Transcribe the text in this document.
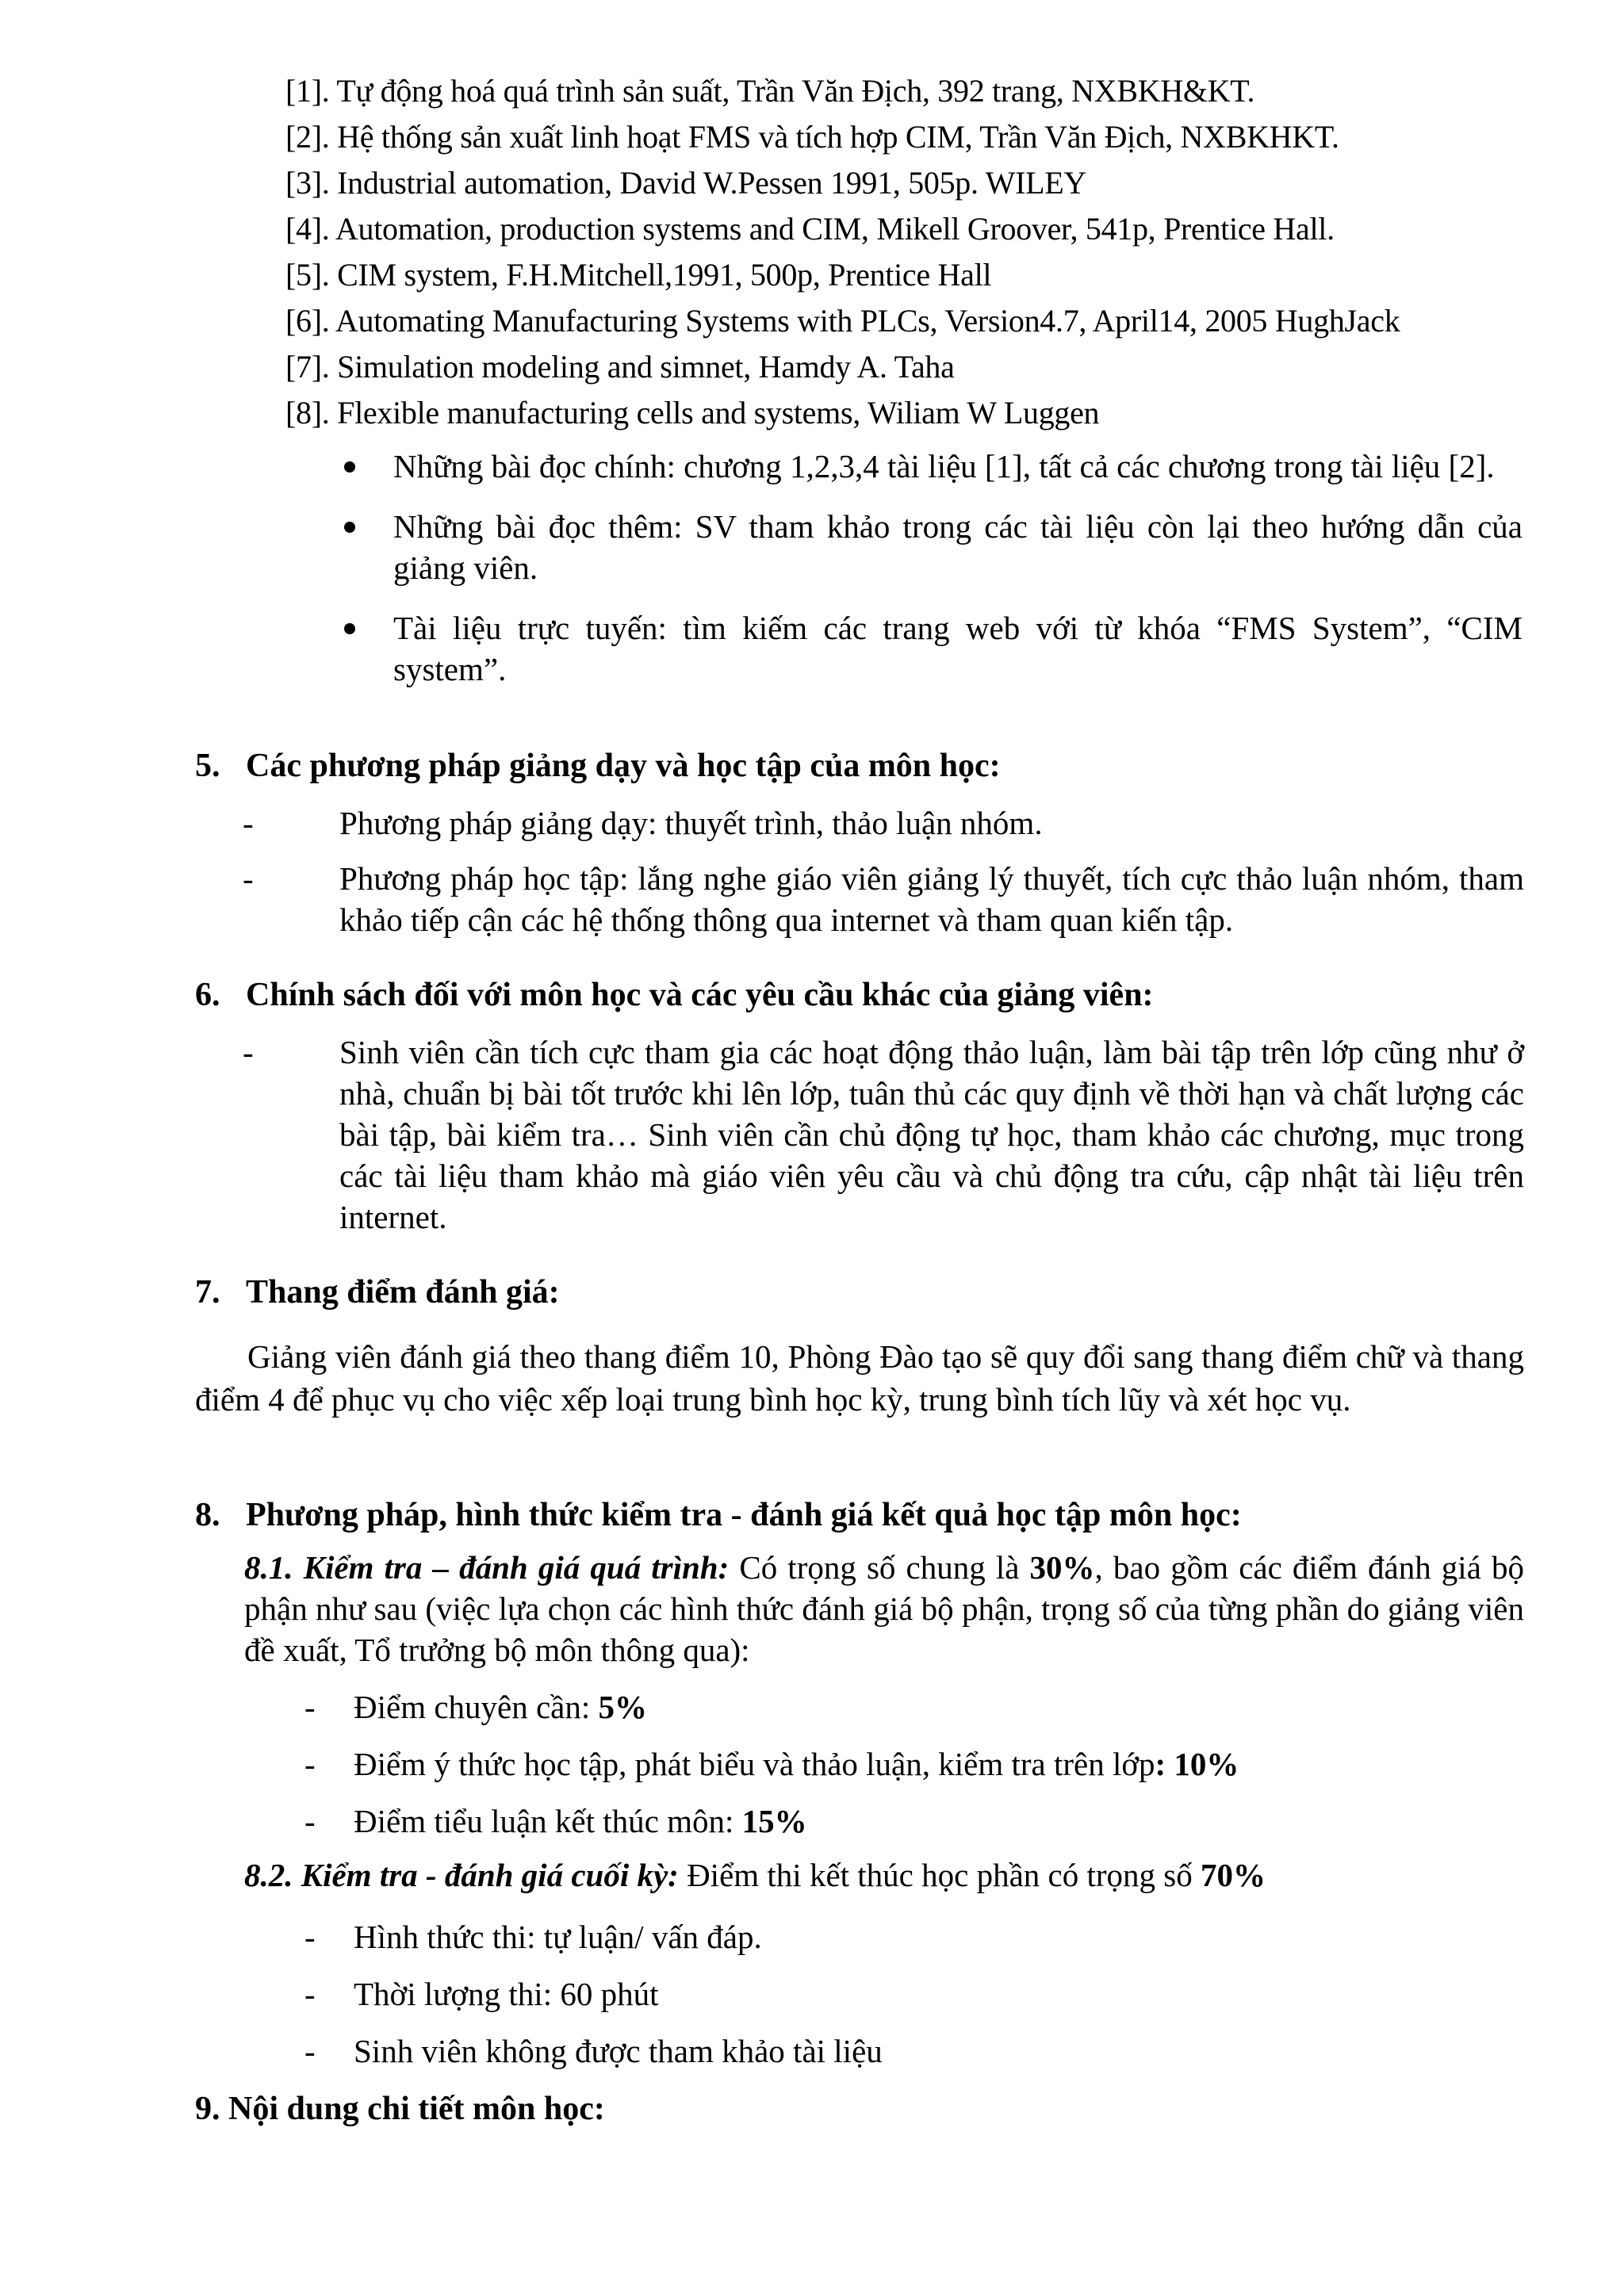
[1]. Tự động hoá quá trình sản suất, Trần Văn Địch, 392 trang, NXBKH&KT.
[2]. Hệ thống sản xuất linh hoạt FMS và tích hợp CIM, Trần Văn Địch, NXBKHKT.
[3]. Industrial automation, David W.Pessen 1991, 505p. WILEY
[4]. Automation, production systems and CIM, Mikell Groover, 541p, Prentice Hall.
[5]. CIM system, F.H.Mitchell,1991, 500p, Prentice Hall
[6]. Automating Manufacturing Systems with PLCs, Version4.7, April14, 2005 HughJack
[7]. Simulation modeling and simnet, Hamdy A. Taha
[8]. Flexible manufacturing cells and systems, Wiliam W Luggen
Những bài đọc chính: chương 1,2,3,4 tài liệu [1], tất cả các chương trong tài liệu [2].
Những bài đọc thêm: SV tham khảo trong các tài liệu còn lại theo hướng dẫn của giảng viên.
Tài liệu trực tuyến: tìm kiếm các trang web với từ khóa “FMS System”, “CIM system”.
5. Các phương pháp giảng dạy và học tập của môn học:
-	Phương pháp giảng dạy: thuyết trình, thảo luận nhóm.
-	Phương pháp học tập: lắng nghe giáo viên giảng lý thuyết, tích cực thảo luận nhóm, tham khảo tiếp cận các hệ thống thông qua internet và tham quan kiến tập.
6. Chính sách đối với môn học và các yêu cầu khác của giảng viên:
-	Sinh viên cần tích cực tham gia các hoạt động thảo luận, làm bài tập trên lớp cũng như ở nhà, chuẩn bị bài tốt trước khi lên lớp, tuân thủ các quy định về thời hạn và chất lượng các bài tập, bài kiểm tra… Sinh viên cần chủ động tự học, tham khảo các chương, mục trong các tài liệu tham khảo mà giáo viên yêu cầu và chủ động tra cứu, cập nhật tài liệu trên internet.
7. Thang điểm đánh giá:
Giảng viên đánh giá theo thang điểm 10, Phòng Đào tạo sẽ quy đổi sang thang điểm chữ và thang điểm 4 để phục vụ cho việc xếp loại trung bình học kỳ, trung bình tích lũy và xét học vụ.
8. Phương pháp, hình thức kiểm tra - đánh giá kết quả học tập môn học:
8.1. Kiểm tra – đánh giá quá trình: Có trọng số chung là 30%, bao gồm các điểm đánh giá bộ phận như sau (việc lựa chọn các hình thức đánh giá bộ phận, trọng số của từng phần do giảng viên đề xuất, Tổ trưởng bộ môn thông qua):
- Điểm chuyên cần: 5%
- Điểm ý thức học tập, phát biểu và thảo luận, kiểm tra trên lớp: 10%
- Điểm tiểu luận kết thúc môn: 15%
8.2. Kiểm tra - đánh giá cuối kỳ: Điểm thi kết thúc học phần có trọng số 70%
- Hình thức thi: tự luận/ vấn đáp.
- Thời lượng thi: 60 phút
- Sinh viên không được tham khảo tài liệu
9. Nội dung chi tiết môn học:
